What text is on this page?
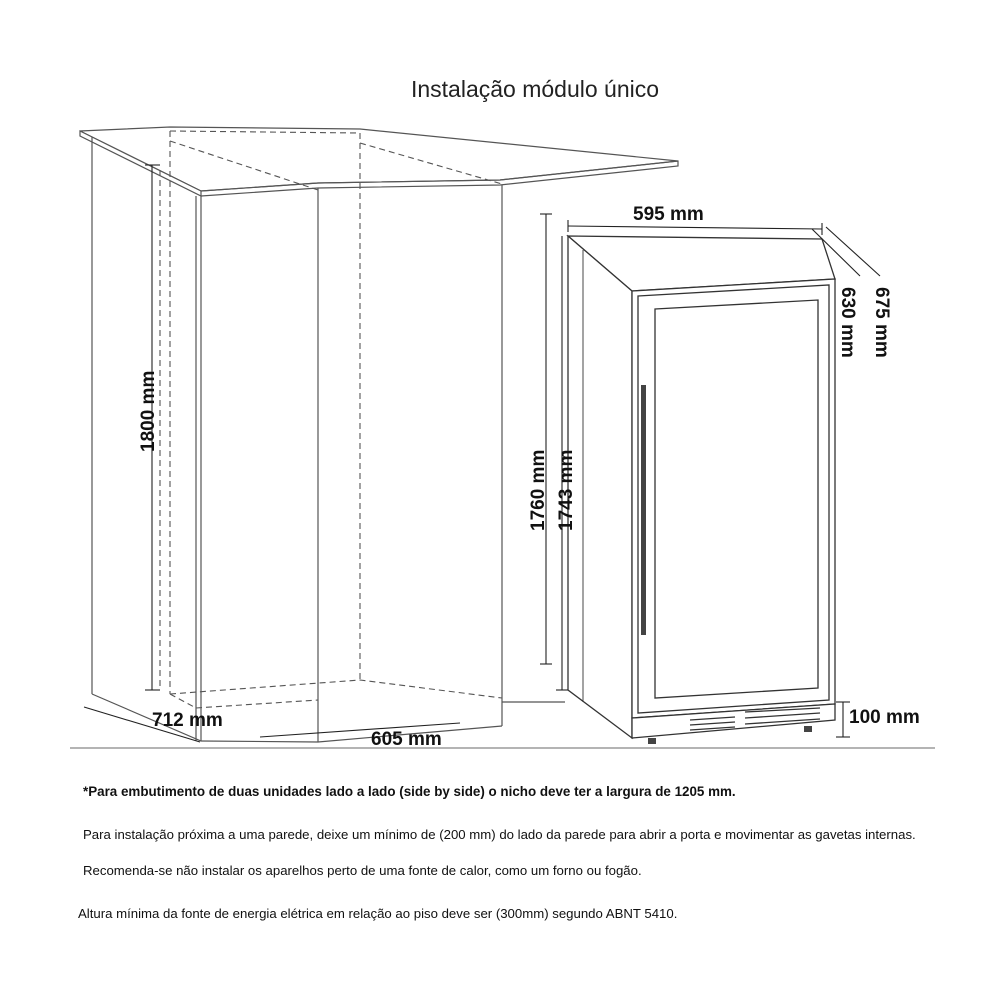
Instalação módulo único
1800 mm
712 mm
605 mm
595 mm
675 mm
630 mm
1760 mm 1743 mm
100 mm
*Para embutimento de duas unidades lado a lado (side by side) o nicho deve ter a largura de 1205 mm.
Para instalação próxima a uma parede, deixe um mínimo de (200 mm) do lado da parede para abrir a porta e movimentar as gavetas internas.
Recomenda-se não instalar os aparelhos perto de uma fonte de calor, como um forno ou fogão.
Altura mínima da fonte de energia elétrica em relação ao piso deve ser (300mm) segundo ABNT 5410.
